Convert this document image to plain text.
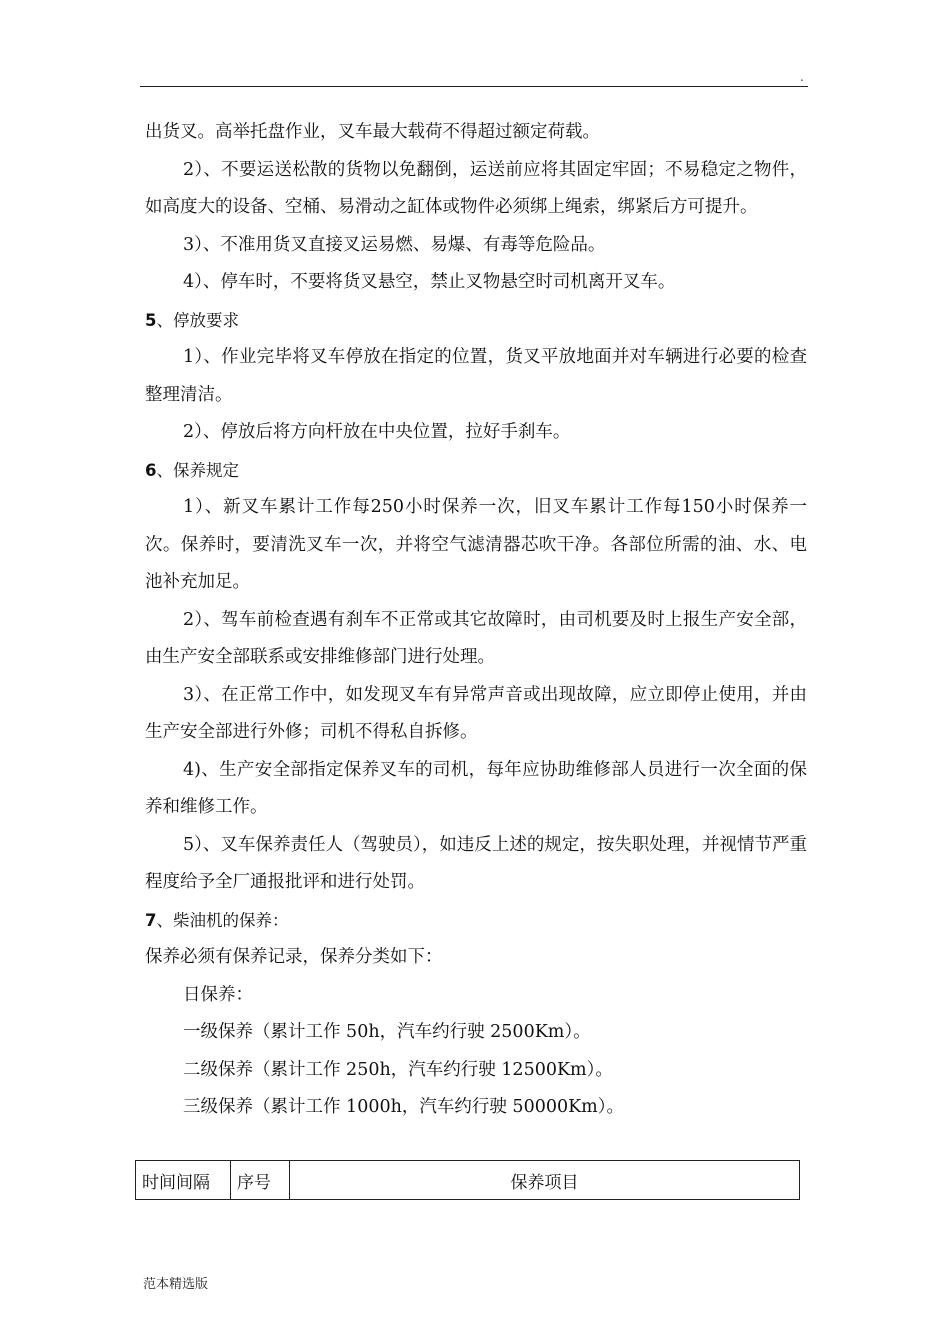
.

出货叉。高举托盘作业，叉车最大载荷不得超过额定荷载。

2）、不要运送松散的货物以免翻倒，运送前应将其固定牢固；不易稳定之物件，如高度大的设备、空桶、易滑动之缸体或物件必须绑上绳索，绑紧后方可提升。

3）、不准用货叉直接叉运易燃、易爆、有毒等危险品。

4）、停车时，不要将货叉悬空，禁止叉物悬空时司机离开叉车。

5、停放要求

1）、作业完毕将叉车停放在指定的位置，货叉平放地面并对车辆进行必要的检查整理清洁。

2）、停放后将方向杆放在中央位置，拉好手刹车。

6、保养规定

1）、新叉车累计工作每250小时保养一次，旧叉车累计工作每150小时保养一次。保养时，要清洗叉车一次，并将空气滤清器芯吹干净。各部位所需的油、水、电池补充加足。

2）、驾车前检查遇有刹车不正常或其它故障时，由司机要及时上报生产安全部，由生产安全部联系或安排维修部门进行处理。

3）、在正常工作中，如发现叉车有异常声音或出现故障，应立即停止使用，并由生产安全部进行外修；司机不得私自拆修。

4)、生产安全部指定保养叉车的司机，每年应协助维修部人员进行一次全面的保养和维修工作。

5）、叉车保养责任人（驾驶员），如违反上述的规定，按失职处理，并视情节严重程度给予全厂通报批评和进行处罚。

7、柴油机的保养：

保养必须有保养记录，保养分类如下：

日保养：

一级保养（累计工作 50h，汽车约行驶 2500Km）。

二级保养（累计工作 250h，汽车约行驶 12500Km）。

三级保养（累计工作 1000h，汽车约行驶 50000Km）。

时间间隔	序号	保养项目
范本精选版
